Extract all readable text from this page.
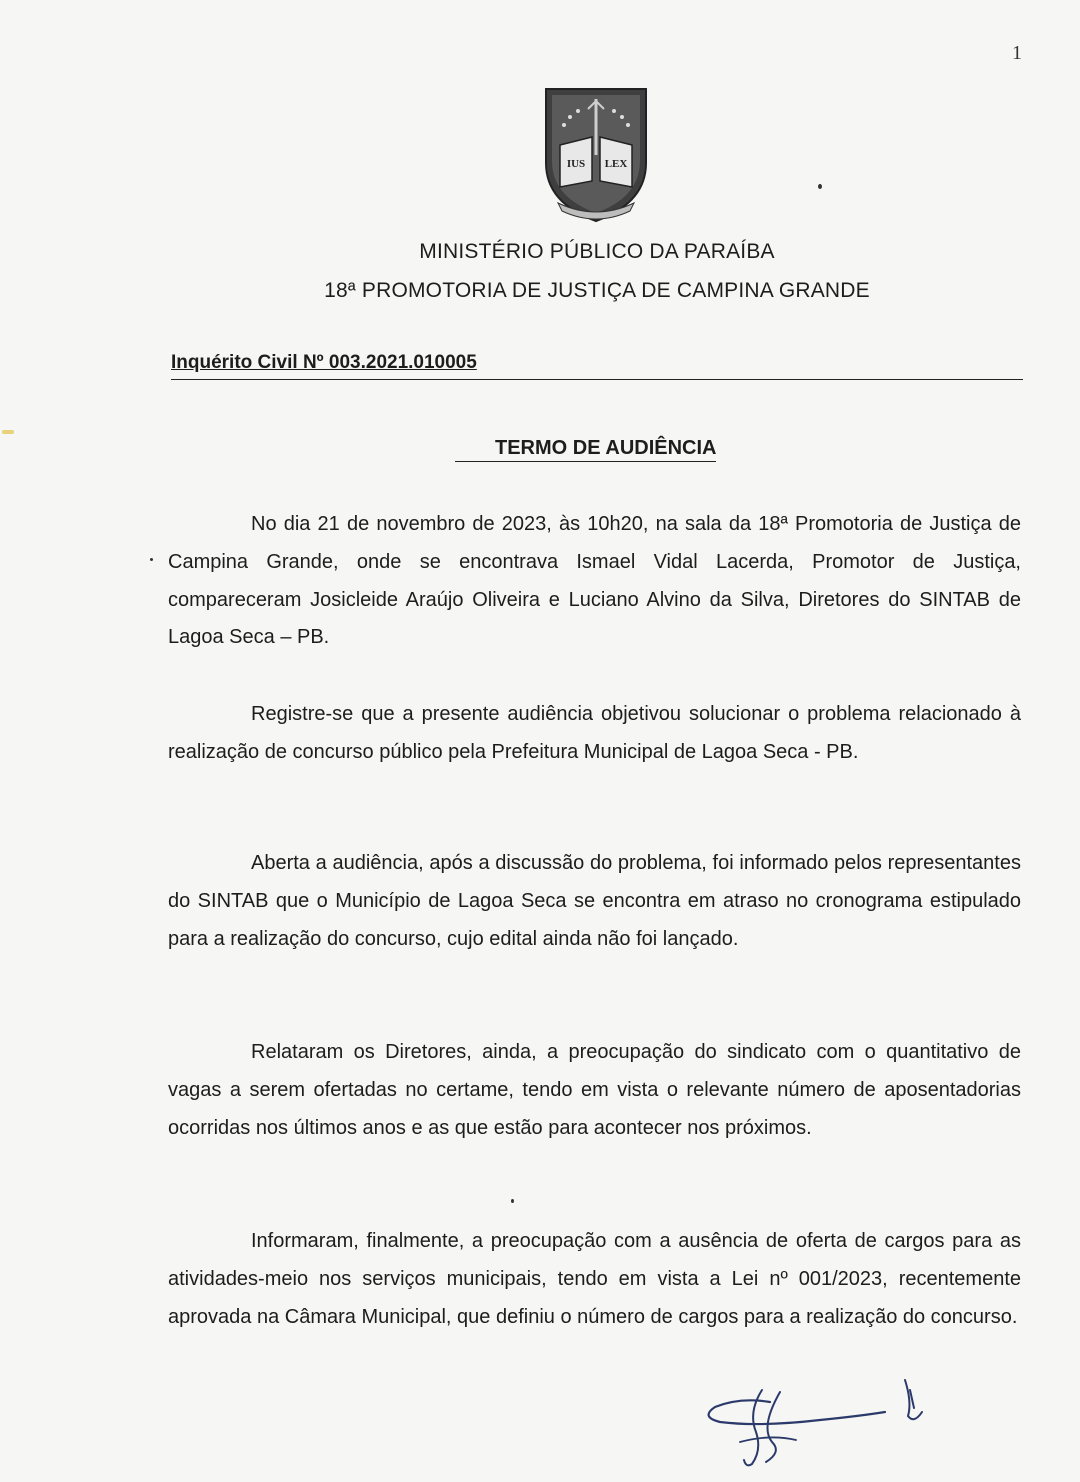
1
IUS LEX
MINISTÉRIO PÚBLICO DA PARAÍBA
18ª PROMOTORIA DE JUSTIÇA DE CAMPINA GRANDE
Inquérito Civil Nº 003.2021.010005
TERMO DE AUDIÊNCIA

No dia 21 de novembro de 2023, às 10h20, na sala da 18ª Promotoria de Justiça de Campina Grande, onde se encontrava Ismael Vidal Lacerda, Promotor de Justiça, compareceram Josicleide Araújo Oliveira e Luciano Alvino da Silva, Diretores do SINTAB de Lagoa Seca – PB.

Registre-se que a presente audiência objetivou solucionar o problema relacionado à realização de concurso público pela Prefeitura Municipal de Lagoa Seca - PB.

Aberta a audiência, após a discussão do problema, foi informado pelos representantes do SINTAB que o Município de Lagoa Seca se encontra em atraso no cronograma estipulado para a realização do concurso, cujo edital ainda não foi lançado.

Relataram os Diretores, ainda, a preocupação do sindicato com o quantitativo de vagas a serem ofertadas no certame, tendo em vista o relevante número de aposentadorias ocorridas nos últimos anos e as que estão para acontecer nos próximos.

Informaram, finalmente, a preocupação com a ausência de oferta de cargos para as atividades-meio nos serviços municipais, tendo em vista a Lei nº 001/2023, recentemente aprovada na Câmara Municipal, que definiu o número de cargos para a realização do concurso.
